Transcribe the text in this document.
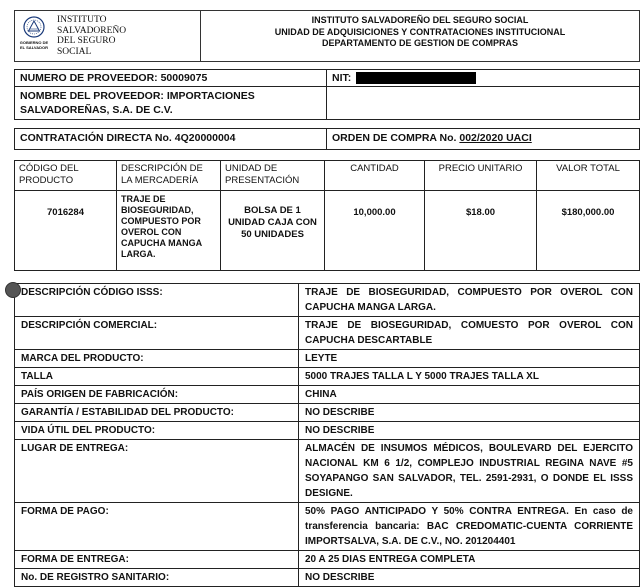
GOBIERNO DE
EL SALVADOR
INSTITUTO
SALVADOREÑO
DEL SEGURO
SOCIAL

INSTITUTO SALVADOREÑO DEL SEGURO SOCIAL
UNIDAD DE ADQUISICIONES Y CONTRATACIONES INSTITUCIONAL
DEPARTAMENTO DE GESTION DE COMPRAS
NUMERO DE PROVEEDOR: 50009075	NIT:
NOMBRE DEL PROVEEDOR: IMPORTACIONES SALVADOREÑAS, S.A. DE C.V.	
CONTRATACIÓN DIRECTA No. 4Q20000004	ORDEN DE COMPRA No. 002/2020 UACI
CÓDIGO DEL PRODUCTO	DESCRIPCIÓN DE LA MERCADERÍA	UNIDAD DE PRESENTACIÓN	CANTIDAD	PRECIO UNITARIO	VALOR TOTAL
7016284	TRAJE DE BIOSEGURIDAD, COMPUESTO POR OVEROL CON CAPUCHA MANGA LARGA.	BOLSA DE 1 UNIDAD CAJA CON 50 UNIDADES	10,000.00	$18.00	$180,000.00
DESCRIPCIÓN CÓDIGO ISSS:	TRAJE DE BIOSEGURIDAD, COMPUESTO POR OVEROL CON CAPUCHA MANGA LARGA.
DESCRIPCIÓN COMERCIAL:	TRAJE DE BIOSEGURIDAD, COMUESTO POR OVEROL CON CAPUCHA DESCARTABLE
MARCA DEL PRODUCTO:	LEYTE
TALLA	5000 TRAJES TALLA L Y 5000 TRAJES TALLA XL
PAÍS ORIGEN DE FABRICACIÓN:	CHINA
GARANTÍA / ESTABILIDAD DEL PRODUCTO:	NO DESCRIBE
VIDA ÚTIL DEL PRODUCTO:	NO DESCRIBE
LUGAR DE ENTREGA:	ALMACÉN DE INSUMOS MÉDICOS, BOULEVARD DEL EJERCITO NACIONAL KM 6 1/2, COMPLEJO INDUSTRIAL REGINA NAVE #5 SOYAPANGO SAN SALVADOR, TEL. 2591-2931, O DONDE EL ISSS DESIGNE.
FORMA DE PAGO:	50% PAGO ANTICIPADO Y 50% CONTRA ENTREGA. En caso de transferencia bancaria: BAC CREDOMATIC-CUENTA CORRIENTE IMPORTSALVA, S.A. DE C.V., NO. 201204401
FORMA DE ENTREGA:	20 A 25 DIAS ENTREGA COMPLETA
No. DE REGISTRO SANITARIO:	NO DESCRIBE
